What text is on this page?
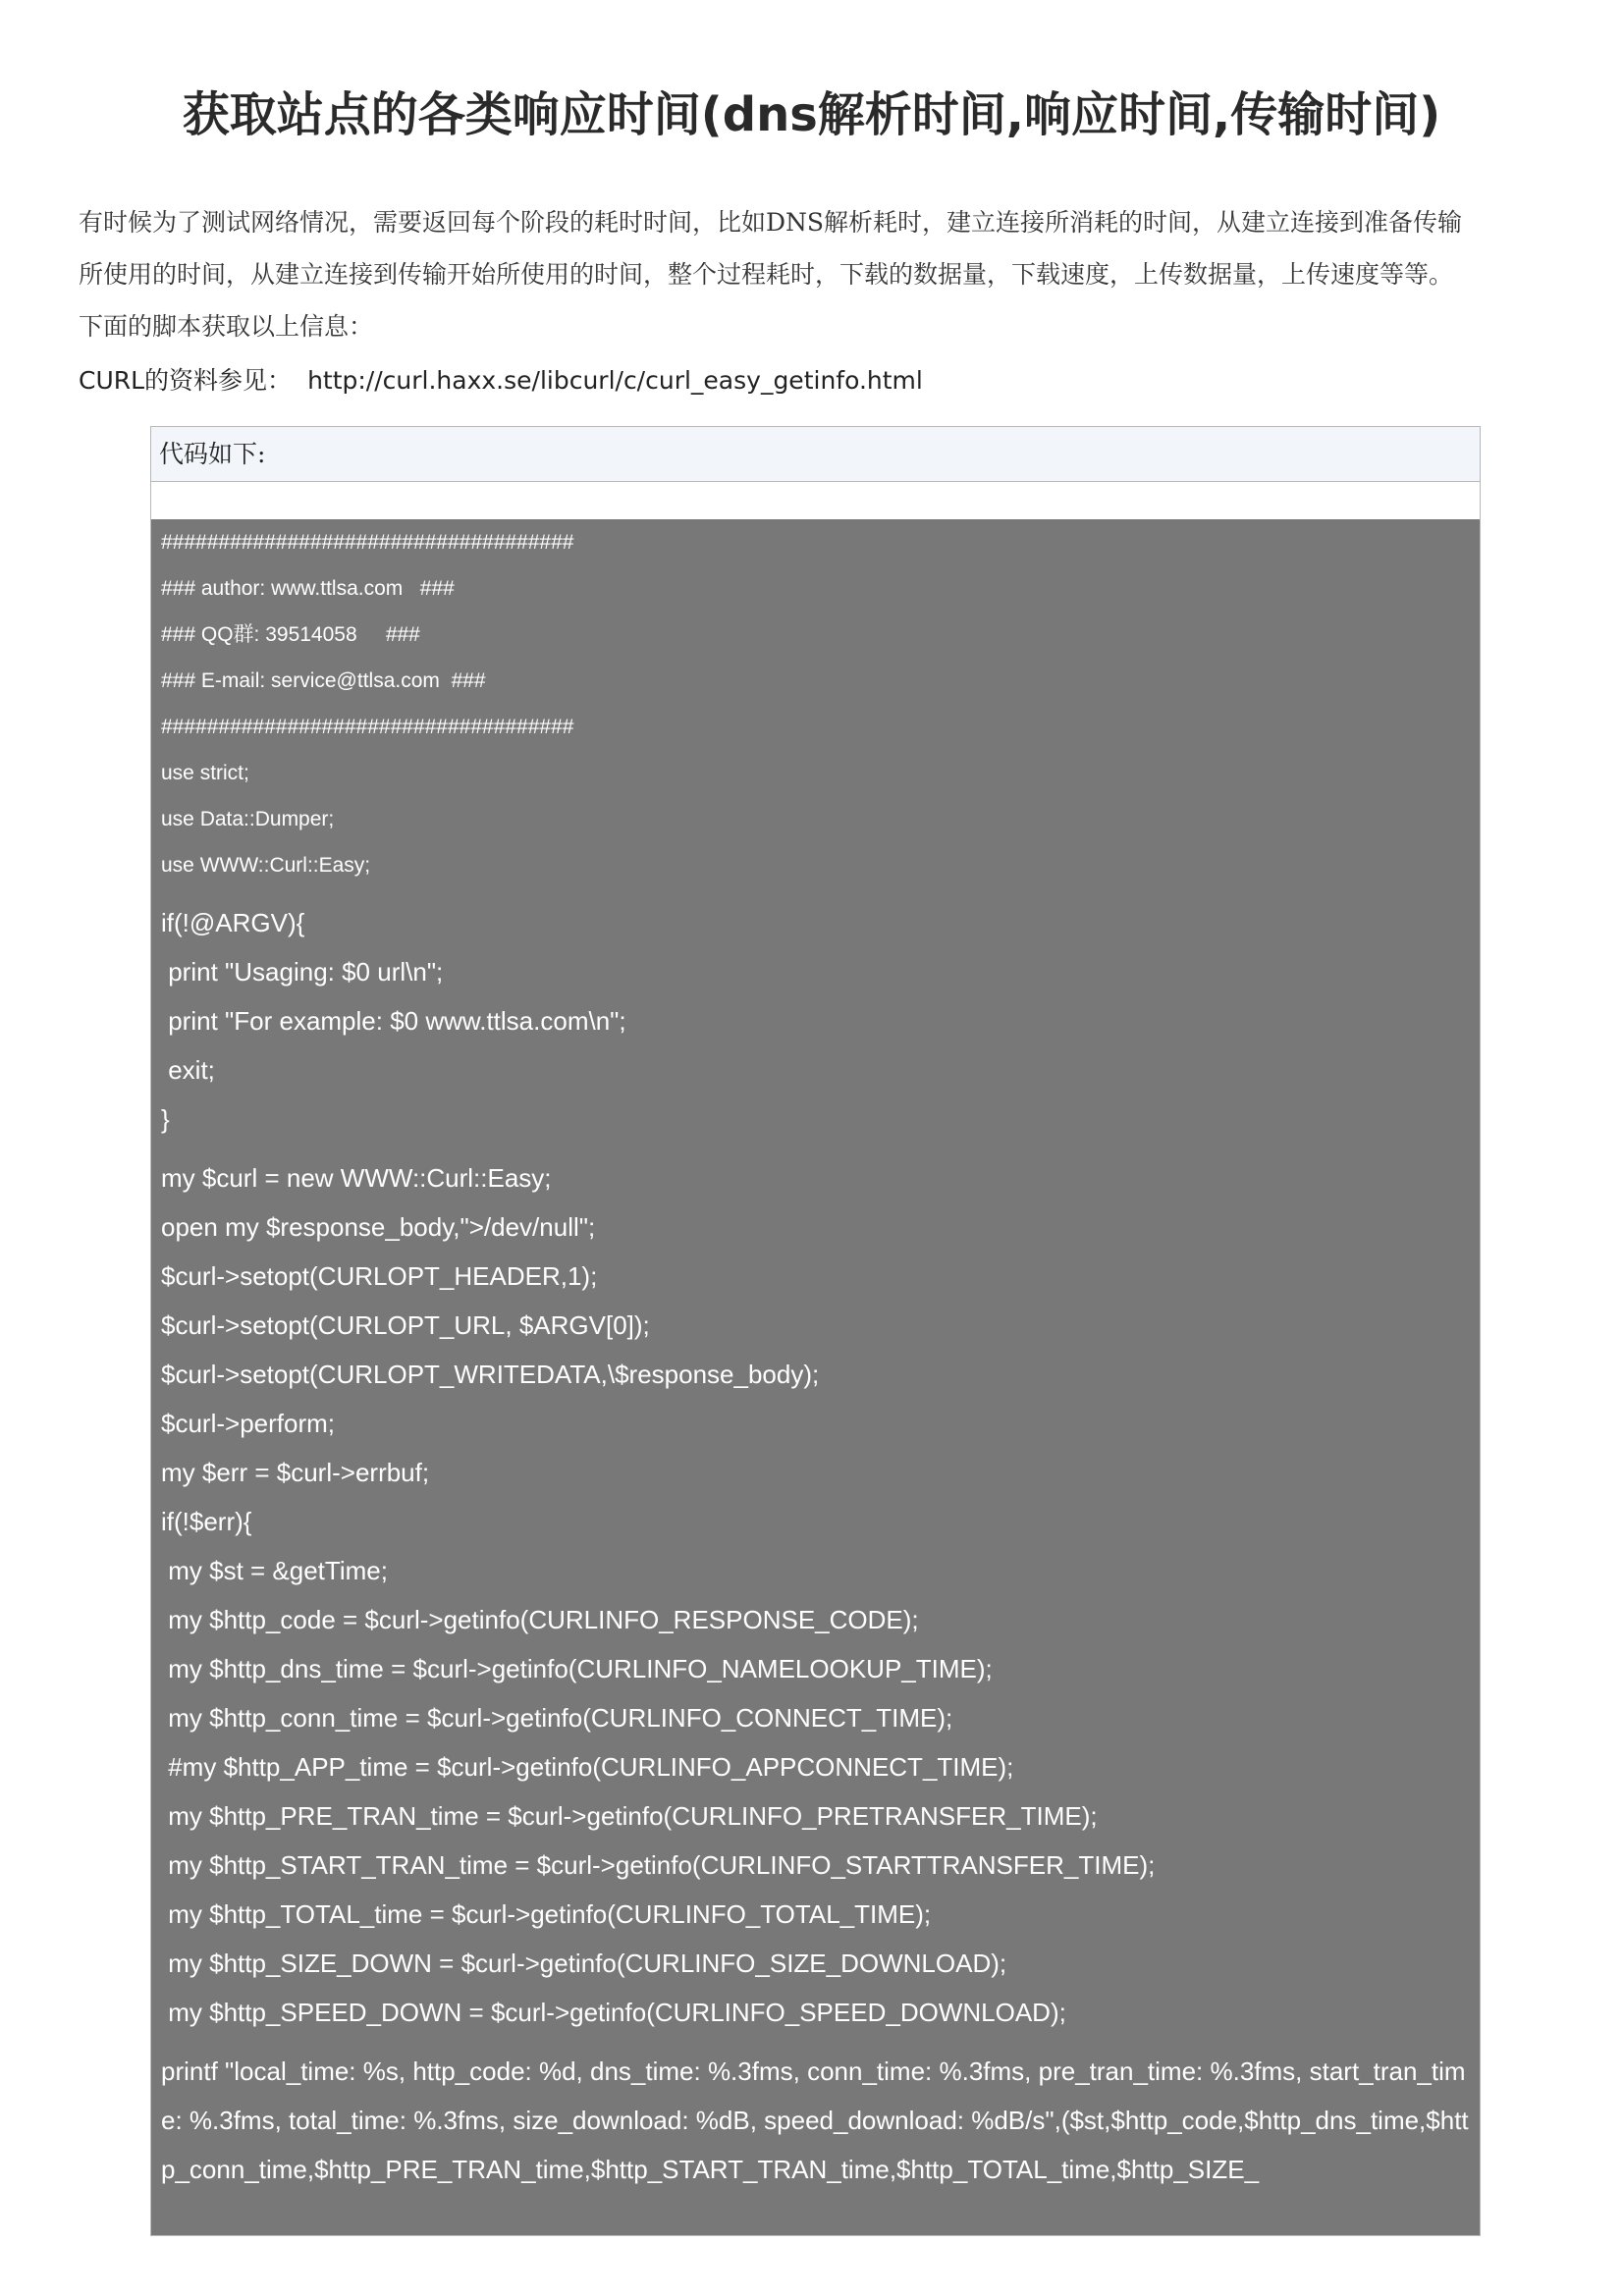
获取站点的各类响应时间(dns解析时间,响应时间,传输时间)

有时候为了测试网络情况，需要返回每个阶段的耗时时间，比如DNS解析耗时，建立连接所消耗的时间，从建立连接到准备传输

所使用的时间，从建立连接到传输开始所使用的时间，整个过程耗时，下载的数据量，下载速度，上传数据量，上传速度等等。

下面的脚本获取以上信息：

CURL的资料参见： http://curl.haxx.se/libcurl/c/curl_easy_getinfo.html
代码如下:
####################################
### author: www.ttlsa.com   ###
### QQ群: 39514058     ###
### E-mail: service@ttlsa.com  ###
####################################
use strict;
use Data::Dumper;
use WWW::Curl::Easy;
if(!@ARGV){
print "Usaging: $0 url\n";
print "For example: $0 www.ttlsa.com\n";
exit;
}
my $curl = new WWW::Curl::Easy;
open my $response_body,">/dev/null";
$curl->setopt(CURLOPT_HEADER,1);
$curl->setopt(CURLOPT_URL, $ARGV[0]);
$curl->setopt(CURLOPT_WRITEDATA,\$response_body);
$curl->perform;
my $err = $curl->errbuf;
if(!$err){
my $st = &getTime;
my $http_code = $curl->getinfo(CURLINFO_RESPONSE_CODE);
my $http_dns_time = $curl->getinfo(CURLINFO_NAMELOOKUP_TIME);
my $http_conn_time = $curl->getinfo(CURLINFO_CONNECT_TIME);
#my $http_APP_time = $curl->getinfo(CURLINFO_APPCONNECT_TIME);
my $http_PRE_TRAN_time = $curl->getinfo(CURLINFO_PRETRANSFER_TIME);
my $http_START_TRAN_time = $curl->getinfo(CURLINFO_STARTTRANSFER_TIME);
my $http_TOTAL_time = $curl->getinfo(CURLINFO_TOTAL_TIME);
my $http_SIZE_DOWN = $curl->getinfo(CURLINFO_SIZE_DOWNLOAD);
my $http_SPEED_DOWN = $curl->getinfo(CURLINFO_SPEED_DOWNLOAD);
printf "local_time: %s, http_code: %d, dns_time: %.3fms, conn_time: %.3fms, pre_tran_time: %.3fms, start_tran_time: %.3fms, total_time: %.3fms, size_download: %dB, speed_download: %dB/s",($st,$http_code,$http_dns_time,$http_conn_time,$http_PRE_TRAN_time,$http_START_TRAN_time,$http_TOTAL_time,$http_SIZE_
